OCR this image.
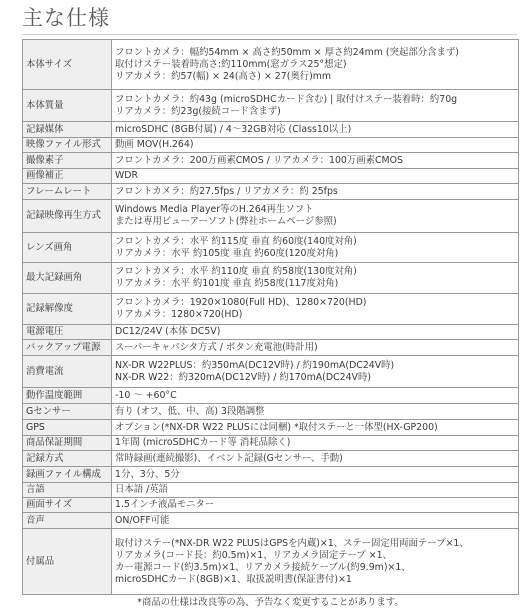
主な仕様
本体サイズ	フロントカメラ：幅約54mm × 高さ約50mm × 厚さ約24mm (突起部分含まず)
取付けステー装着時高さ:約110mm(窓ガラス25°想定)
リアカメラ：約57(幅) × 24(高さ) × 27(奥行)mm

本体質量	フロントカメラ：約43g (microSDHCカード含む) | 取付けステー装着時：約70g
リアカメラ：約23g(接続コード含まず)

記録媒体	microSDHC (8GB付属) / 4〜32GB対応 (Class10以上)

映像ファイル形式	動画 MOV(H.264)

撮像素子	フロントカメラ：200万画素CMOS / リアカメラ：100万画素CMOS

画像補正	WDR

フレームレート	フロントカメラ：約27.5fps / リアカメラ：約 25fps

記録映像再生方式	Windows Media Player等のH.264再生ソフト
または専用ビューアーソフト(弊社ホームページ参照)

レンズ画角	フロントカメラ：水平 約115度 垂直 約60度(140度対角)
リアカメラ：水平 約105度 垂直 約60度(120度対角)

最大記録画角	フロントカメラ：水平 約110度 垂直 約58度(130度対角)
リアカメラ：水平 約101度 垂直 約58度(117度対角)

記録解像度	フロントカメラ：1920×1080(Full HD)、1280×720(HD)
リアカメラ：1280×720(HD)

電源電圧	DC12/24V (本体 DC5V)

バックアップ電源	スーパーキャパシタ方式 / ボタン充電池(時計用)

消費電流	NX-DR W22PLUS：約350mA(DC12V時) / 約190mA(DC24V時)
NX-DR W22：約320mA(DC12V時) / 約170mA(DC24V時)

動作温度範囲	-10 ～ +60°C

Gセンサー	有り (オフ、低、中、高) 3段階調整

GPS	オプション(*NX-DR W22 PLUSには同梱) *取付ステーと一体型(HX-GP200)

商品保証期間	1年間 (microSDHCカード等 消耗品除く)

記録方式	常時録画(連続撮影)、イベント記録(Gセンサー、手動)

録画ファイル構成	1分、3分、5分

言語	日本語 /英語

画面サイズ	1.5インチ液晶モニター

音声	ON/OFF可能

付属品	取付けステー(*NX-DR W22 PLUSはGPSを内蔵)×1、ステー固定用両面テープ×1、
リアカメラ(コード長：約0.5m)×1、リアカメラ固定テープ ×1、
カー電源コード(約3.5m)×1、リアカメラ接続ケーブル(約9.9m)×1、
microSDHCカード(8GB)×1、取扱説明書(保証書付)×1

*商品の仕様は改良等の為、予告なく変更することがあります。	
